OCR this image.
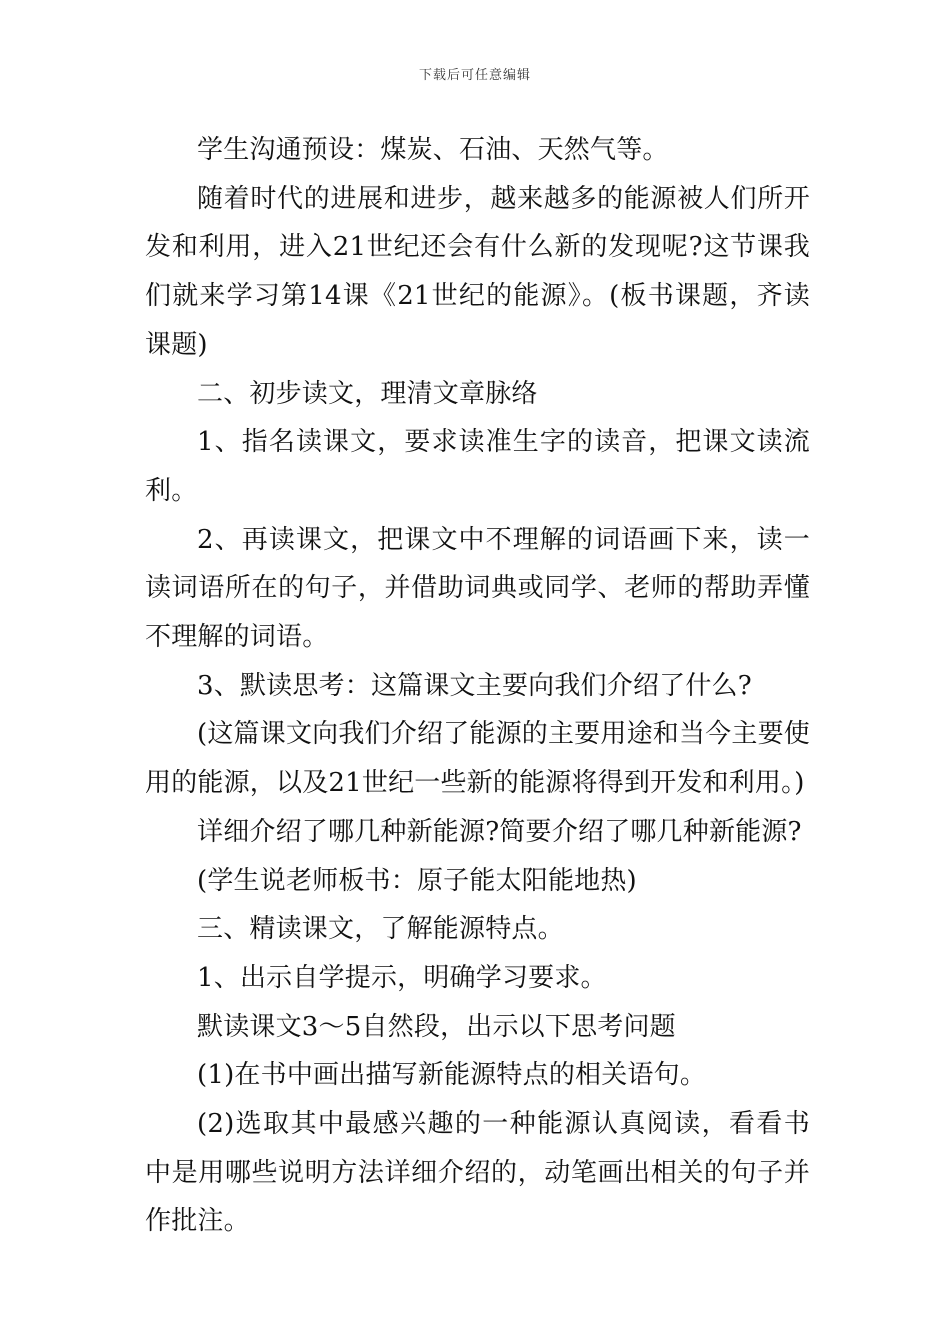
下载后可任意编辑

学生沟通预设：煤炭、石油、天然气等。

随着时代的进展和进步，越来越多的能源被人们所开发和利用，进入21世纪还会有什么新的发现呢?这节课我们就来学习第14课《21世纪的能源》。(板书课题，齐读课题)

二、初步读文，理清文章脉络

1、指名读课文，要求读准生字的读音，把课文读流利。

2、再读课文，把课文中不理解的词语画下来，读一读词语所在的句子，并借助词典或同学、老师的帮助弄懂不理解的词语。

3、默读思考：这篇课文主要向我们介绍了什么?

(这篇课文向我们介绍了能源的主要用途和当今主要使用的能源，以及21世纪一些新的能源将得到开发和利用。)

详细介绍了哪几种新能源?简要介绍了哪几种新能源?

(学生说老师板书：原子能太阳能地热)

三、精读课文，了解能源特点。

1、出示自学提示，明确学习要求。

默读课文3～5自然段，出示以下思考问题

(1)在书中画出描写新能源特点的相关语句。

(2)选取其中最感兴趣的一种能源认真阅读，看看书中是用哪些说明方法详细介绍的，动笔画出相关的句子并作批注。
